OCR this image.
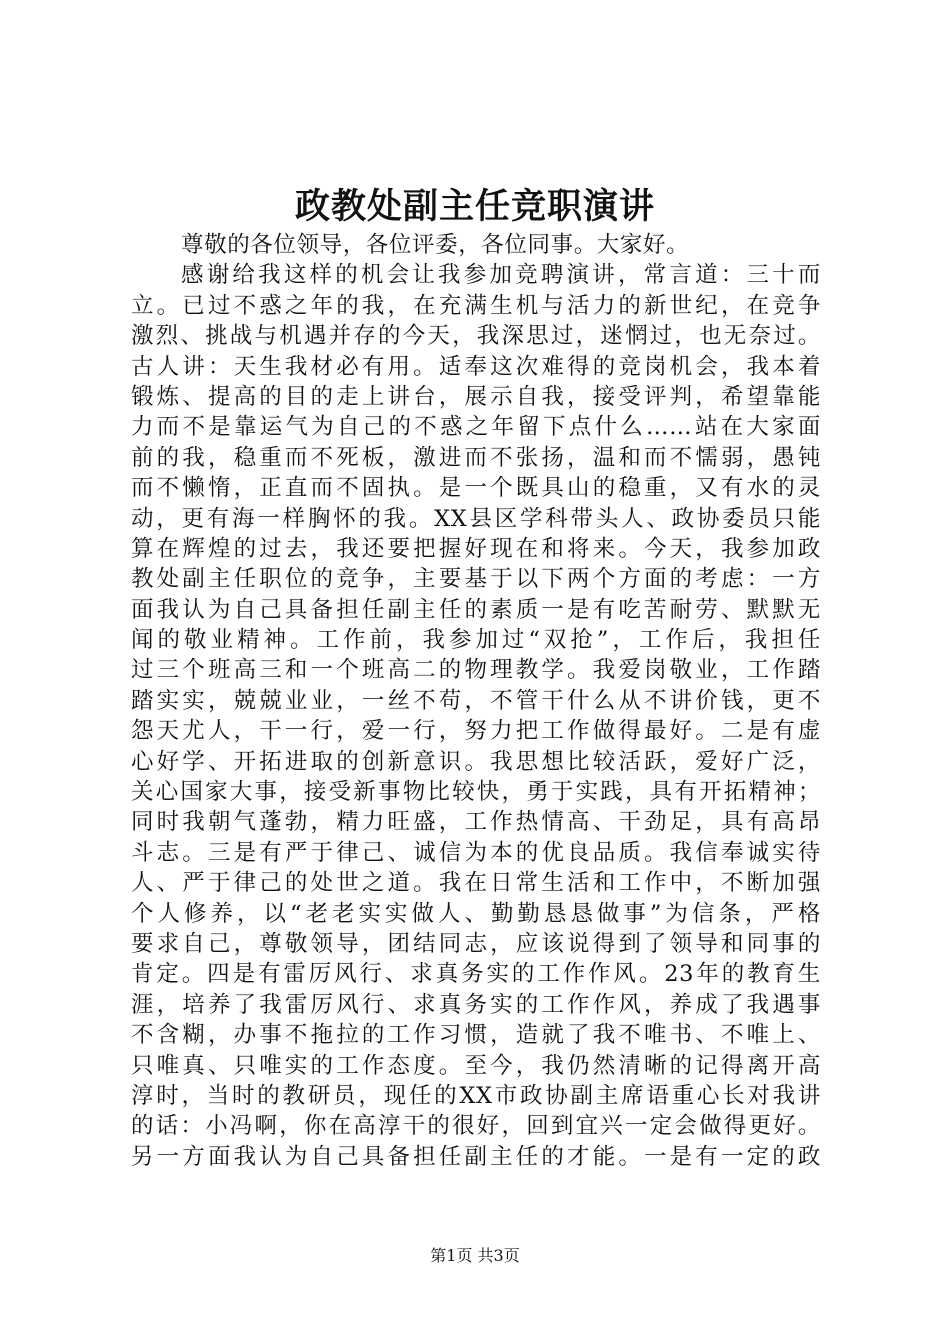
政教处副主任竞职演讲
尊敬的各位领导，各位评委，各位同事。大家好。
感谢给我这样的机会让我参加竞聘演讲，常言道：三十而
立。已过不惑之年的我，在充满生机与活力的新世纪，在竞争
激烈、挑战与机遇并存的今天，我深思过，迷惘过，也无奈过。
古人讲：天生我材必有用。适奉这次难得的竞岗机会，我本着
锻炼、提高的目的走上讲台，展示自我，接受评判，希望靠能
力而不是靠运气为自己的不惑之年留下点什么……站在大家面
前的我，稳重而不死板，激进而不张扬，温和而不懦弱，愚钝
而不懒惰，正直而不固执。是一个既具山的稳重，又有水的灵
动，更有海一样胸怀的我。XX县区学科带头人、政协委员只能
算在辉煌的过去，我还要把握好现在和将来。今天，我参加政
教处副主任职位的竞争，主要基于以下两个方面的考虑：一方
面我认为自己具备担任副主任的素质一是有吃苦耐劳、默默无
闻的敬业精神。工作前，我参加过“双抢”，工作后，我担任
过三个班高三和一个班高二的物理教学。我爱岗敬业，工作踏
踏实实，兢兢业业，一丝不苟，不管干什么从不讲价钱，更不
怨天尤人，干一行，爱一行，努力把工作做得最好。二是有虚
心好学、开拓进取的创新意识。我思想比较活跃，爱好广泛，
关心国家大事，接受新事物比较快，勇于实践，具有开拓精神；
同时我朝气蓬勃，精力旺盛，工作热情高、干劲足，具有高昂
斗志。三是有严于律己、诚信为本的优良品质。我信奉诚实待
人、严于律己的处世之道。我在日常生活和工作中，不断加强
个人修养，以“老老实实做人、勤勤恳恳做事”为信条，严格
要求自己，尊敬领导，团结同志，应该说得到了领导和同事的
肯定。四是有雷厉风行、求真务实的工作作风。23年的教育生
涯，培养了我雷厉风行、求真务实的工作作风，养成了我遇事
不含糊，办事不拖拉的工作习惯，造就了我不唯书、不唯上、
只唯真、只唯实的工作态度。至今，我仍然清晰的记得离开高
淳时，当时的教研员，现任的XX市政协副主席语重心长对我讲
的话：小冯啊，你在高淳干的很好，回到宜兴一定会做得更好。
另一方面我认为自己具备担任副主任的才能。一是有一定的政
第1页 共3页
